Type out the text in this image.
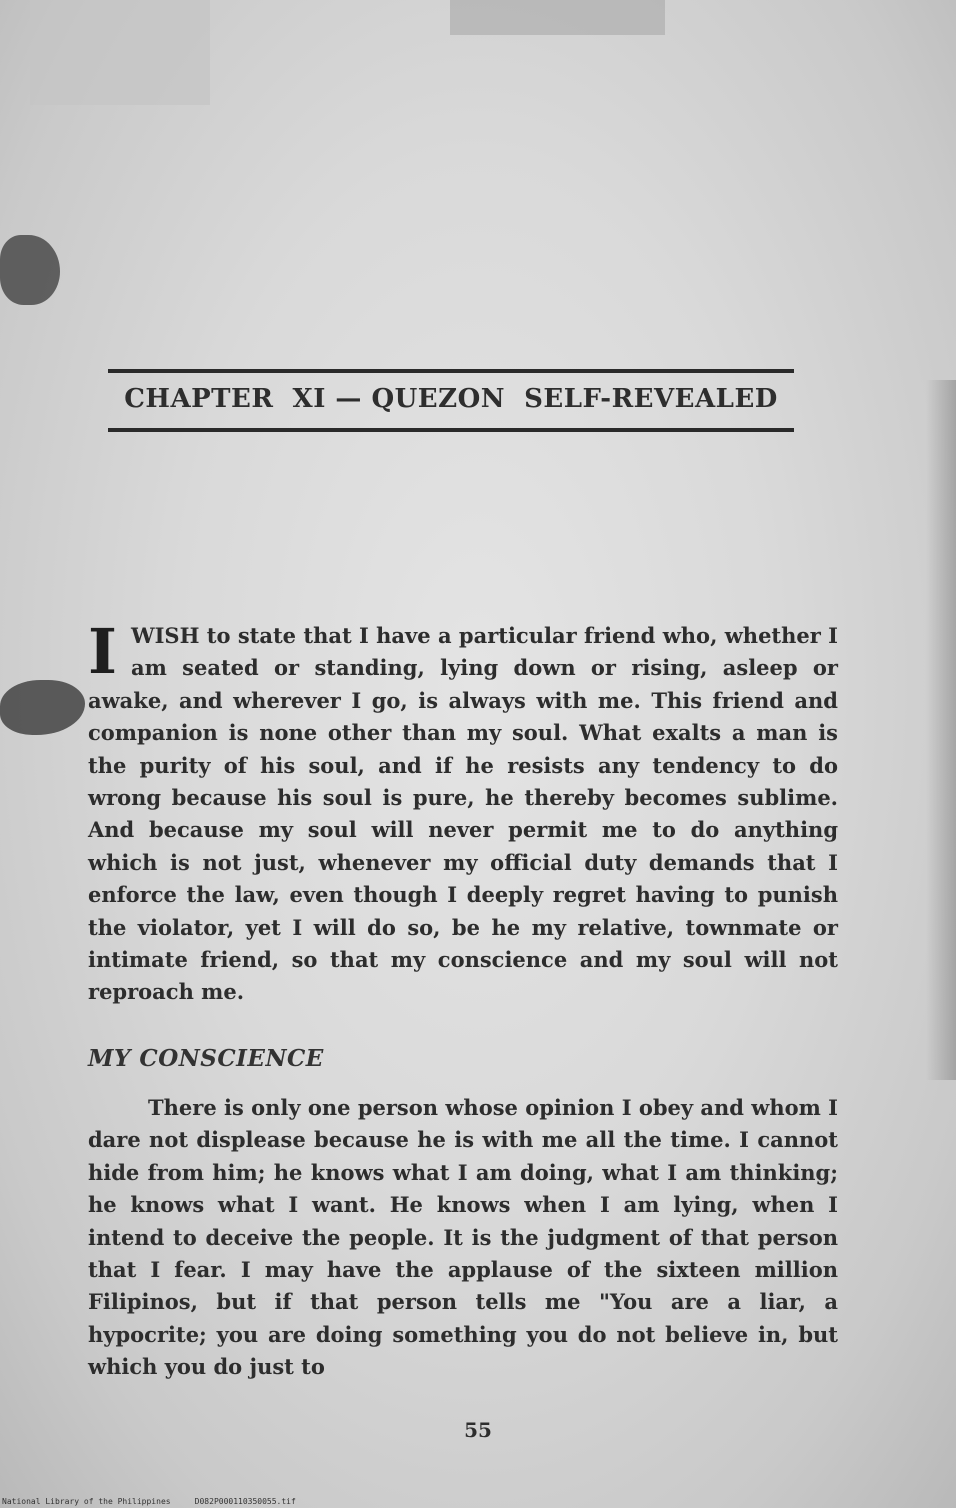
CHAPTER  XI — QUEZON  SELF-REVEALED
IWISH to state that I have a particular friend who, whether I am seated or standing, lying down or rising, asleep or awake, and wherever I go, is always with me. This friend and companion is none other than my soul. What exalts a man is the purity of his soul, and if he resists any tendency to do wrong because his soul is pure, he thereby becomes sublime. And because my soul will never permit me to do anything which is not just, whenever my official duty demands that I enforce the law, even though I deeply regret having to punish the violator, yet I will do so, be he my relative, townmate or intimate friend, so that my conscience and my soul will not reproach me.
MY CONSCIENCE
There is only one person whose opinion I obey and whom I dare not displease because he is with me all the time. I cannot hide from him; he knows what I am doing, what I am thinking; he knows what I want. He knows when I am lying, when I intend to deceive the people. It is the judgment of that person that I fear. I may have the applause of the sixteen million Filipinos, but if that person tells me "You are a liar, a hypocrite; you are doing something you do not believe in, but which you do just to
55
National Library of the Philippines	D082P000110350055.tif
